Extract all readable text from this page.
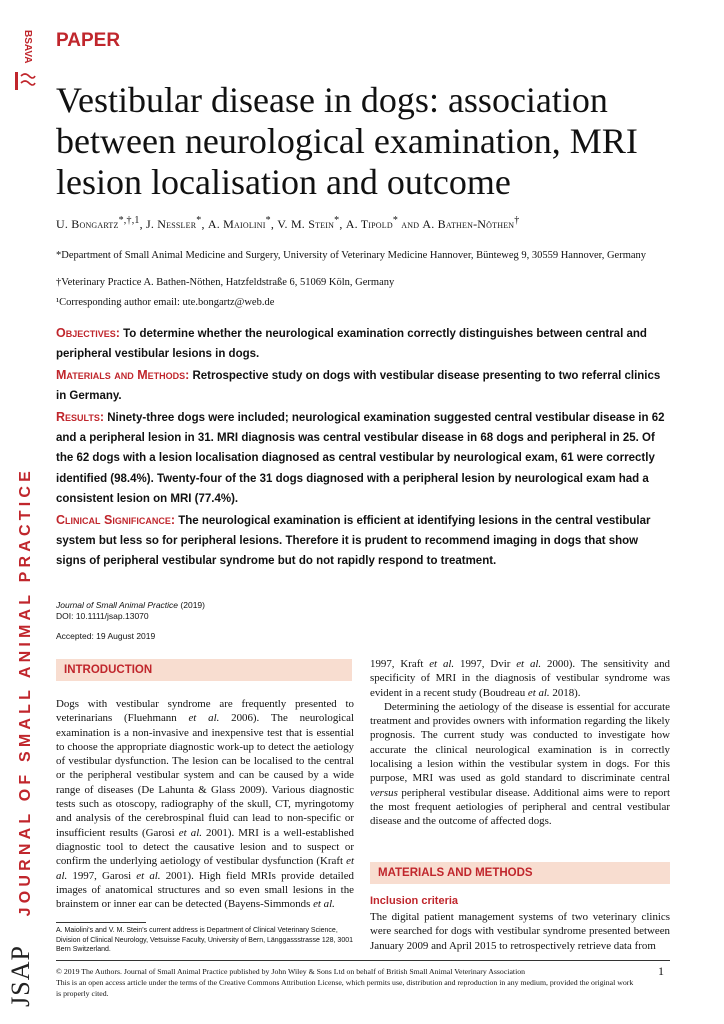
BSAVA
JOURNAL OF SMALL ANIMAL PRACTICE
JSAP
PAPER
Vestibular disease in dogs: association between neurological examination, MRI lesion localisation and outcome
U. Bongartz$^{*,\dagger,1}$, J. Nessler*, A. Maiolini*, V. M. Stein*, A. Tipold* and A. Bathen-Nöthen†
*Department of Small Animal Medicine and Surgery, University of Veterinary Medicine Hannover, Bünteweg 9, 30559 Hannover, Germany
†Veterinary Practice A. Bathen-Nöthen, Hatzfeldstraße 6, 51069 Köln, Germany
¹Corresponding author email: ute.bongartz@web.de

Objectives: To determine whether the neurological examination correctly distinguishes between central and peripheral vestibular lesions in dogs.

Materials and Methods: Retrospective study on dogs with vestibular disease presenting to two referral clinics in Germany.

Results: Ninety-three dogs were included; neurological examination suggested central vestibular disease in 62 and a peripheral lesion in 31. MRI diagnosis was central vestibular disease in 68 dogs and peripheral in 25. Of the 62 dogs with a lesion localisation diagnosed as central vestibular by neurological exam, 61 were correctly identified (98.4%). Twenty-four of the 31 dogs diagnosed with a peripheral lesion by neurological exam had a consistent lesion on MRI (77.4%).

Clinical Significance: The neurological examination is efficient at identifying lesions in the central vestibular system but less so for peripheral lesions. Therefore it is prudent to recommend imaging in dogs that show signs of peripheral vestibular syndrome but do not rapidly respond to treatment.

Journal of Small Animal Practice (2019)
DOI: 10.1111/jsap.13070
Accepted: 19 August 2019
INTRODUCTION

Dogs with vestibular syndrome are frequently presented to veterinarians (Fluehmann et al. 2006). The neurological examination is a non-invasive and inexpensive test that is essential to choose the appropriate diagnostic work-up to detect the aetiology of vestibular dysfunction. The lesion can be localised to the central or the peripheral vestibular system and can be caused by a wide range of diseases (De Lahunta & Glass 2009). Various diagnostic tests such as otoscopy, radiography of the skull, CT, myringotomy and analysis of the cerebrospinal fluid can lead to non-specific or insufficient results (Garosi et al. 2001). MRI is a well-established diagnostic tool to detect the causative lesion and to suspect or confirm the underlying aetiology of vestibular dysfunction (Kraft et al. 1997, Garosi et al. 2001). High field MRIs provide detailed images of anatomical structures and so even small lesions in the brainstem or inner ear can be detected (Bayens-Simmonds et al.

A. Maiolini's and V. M. Stein's current address is Department of Clinical Veterinary Science, Division of Clinical Neurology, Vetsuisse Faculty, University of Bern, Länggassstrasse 128, 3001 Bern Switzerland.

1997, Kraft et al. 1997, Dvir et al. 2000). The sensitivity and specificity of MRI in the diagnosis of vestibular syndrome was evident in a recent study (Boudreau et al. 2018).

Determining the aetiology of the disease is essential for accurate treatment and provides owners with information regarding the likely prognosis. The current study was conducted to investigate how accurate the clinical neurological examination is in correctly localising a lesion within the vestibular system in dogs. For this purpose, MRI was used as gold standard to discriminate central versus peripheral vestibular disease. Additional aims were to report the most frequent aetiologies of peripheral and central vestibular disease and the outcome of affected dogs.

MATERIALS AND METHODS
Inclusion criteria
The digital patient management systems of two veterinary clinics were searched for dogs with vestibular syndrome presented between January 2009 and April 2015 to retrospectively retrieve data from
© 2019 The Authors. Journal of Small Animal Practice published by John Wiley & Sons Ltd on behalf of British Small Animal Veterinary Association
This is an open access article under the terms of the Creative Commons Attribution License, which permits use, distribution and reproduction in any medium, provided the original work is properly cited.
1
